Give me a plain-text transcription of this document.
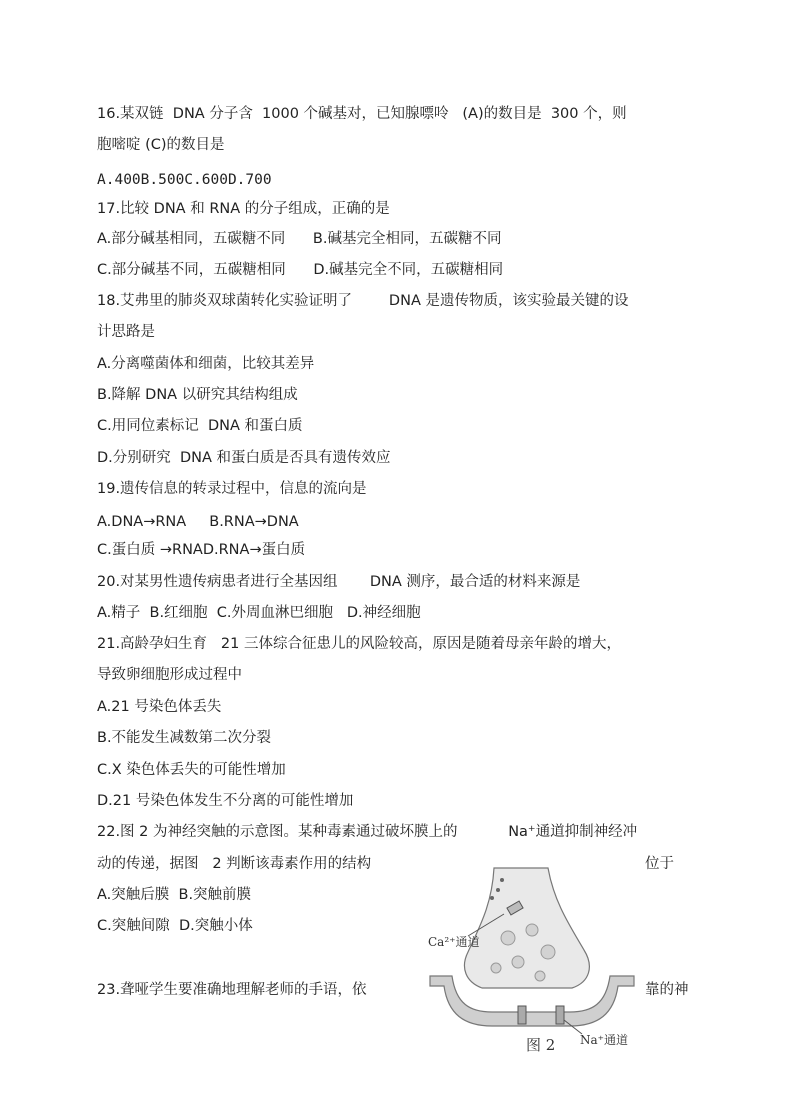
16.某双链  DNA 分子含  1000 个碱基对，已知腺嘌呤   (A)的数目是  300 个，则
胞嘧啶 (C)的数目是
A.400B.500C.600D.700
17.比较 DNA 和 RNA 的分子组成，正确的是
A.部分碱基相同，五碳糖不同      B.碱基完全相同，五碳糖不同
C.部分碱基不同，五碳糖相同      D.碱基完全不同，五碳糖相同
18.艾弗里的肺炎双球菌转化实验证明了        DNA 是遗传物质，该实验最关键的设
计思路是
A.分离噬菌体和细菌，比较其差异
B.降解 DNA 以研究其结构组成
C.用同位素标记  DNA 和蛋白质
D.分别研究  DNA 和蛋白质是否具有遗传效应
19.遗传信息的转录过程中，信息的流向是
A.DNA→RNA     B.RNA→DNA
C.蛋白质 →RNAD.RNA→蛋白质
20.对某男性遗传病患者进行全基因组       DNA 测序，最合适的材料来源是
A.精子  B.红细胞  C.外周血淋巴细胞   D.神经细胞
21.高龄孕妇生育   21 三体综合征患儿的风险较高，原因是随着母亲年龄的增大，
导致卵细胞形成过程中
A.21 号染色体丢失
B.不能发生减数第二次分裂
C.X 染色体丢失的可能性增加
D.21 号染色体发生不分离的可能性增加
22.图 2 为神经突触的示意图。某种毒素通过破坏膜上的           Na⁺通道抑制神经冲
动的传递，据图   2 判断该毒素作用的结构	位于
A.突触后膜  B.突触前膜
C.突触间隙  D.突触小体
23.聋哑学生要准确地理解老师的手语，依	靠的神
Ca²⁺通道
Na⁺通道
图 2
